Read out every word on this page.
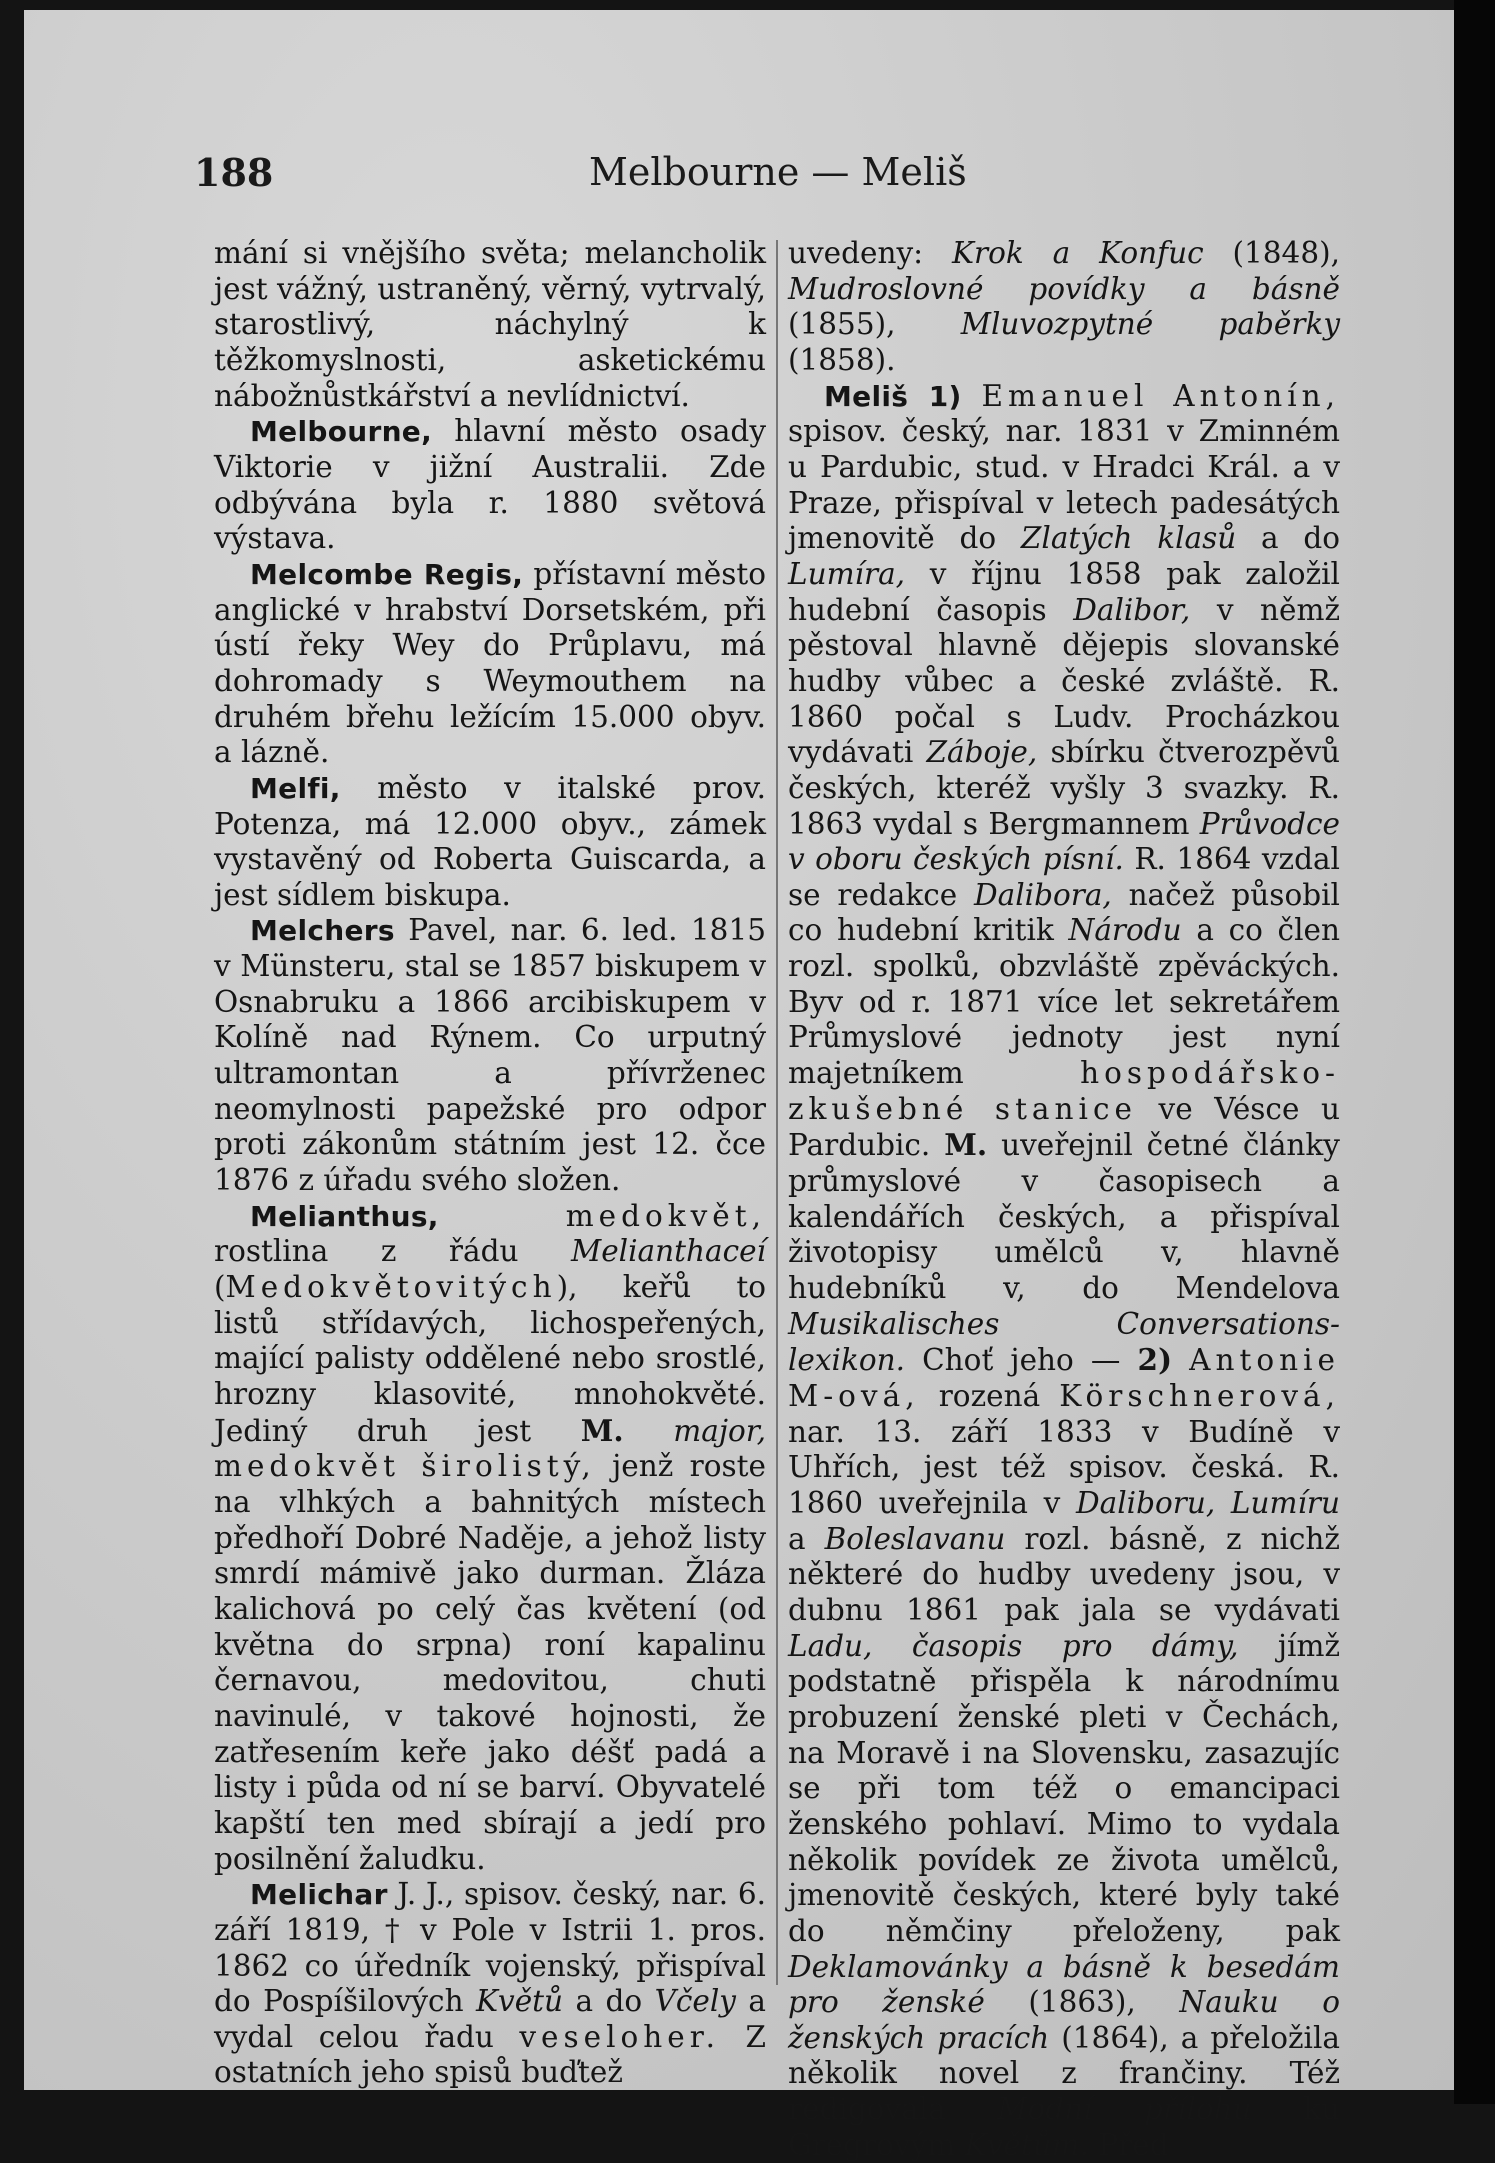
188	Melbourne — Mеliš

mání si vnějšího světa; melancholik jest vážný, ustraněný, věrný, vytrvalý, starostlivý, náchylný k těžkomyslnosti, asketickému nábožnůstkářství a nevlídnictví.

Melbourne, hlavní město osady Viktorie v jižní Australii. Zde odbývána byla r. 1880 světová výstava.

Melcombe Regis, přístavní město anglické v hrabství Dorsetském, při ústí řeky Wey do Průplavu, má dohromady s Weymouthem na druhém břehu ležícím 15.000 obyv. a lázně.

Melfi, město v italské prov. Potenza, má 12.000 obyv., zámek vystavěný od Roberta Guiscarda, a jest sídlem biskupa.

Melchers Pavel, nar. 6. led. 1815 v Münsteru, stal se 1857 biskupem v Osnabruku a 1866 arcibiskupem v Kolíně nad Rýnem. Co urputný ultramontan a přívrženec neomylnosti papežské pro odpor proti zákonům státním jest 12. čce 1876 z úřadu svého složen.

Melianthus,	medokvět, rostlina z řádu Melianthaceí (Medokvětovitých), keřů to listů střídavých, lichospeřených, mající palisty oddělené nebo srostlé, hrozny klasovité, mnohokvěté. Jediný druh jest M. major, medokvět širolistý, jenž roste na vlhkých a bahnitých místech předhoří Dobré Naděje, a jehož listy smrdí mámivě jako durman. Žláza kalichová po celý čas květení (od května do srpna) roní kapalinu černavou, medovitou, chuti navinulé, v takové hojnosti, že zatřesením keře jako déšť padá a listy i půda od ní se barví. Obyvatelé kapští ten med sbírají a jedí pro posilnění žaludku.

Melichar J. J., spisov. český, nar. 6. září 1819, † v Pole v Istrii 1. pros. 1862 co úředník vojenský, přispíval do Pospíšilových Květů a do Včely a vydal celou řadu veseloher. Z ostatních jeho spisů buďtež

uvedeny: Krok a Konfuc (1848), Mudroslovné povídky a básně (1855), Mluvozpytné paběrky (1858).

Meliš 1) Emanuel Antonín, spisov. český, nar. 1831 v Zminném u Pardubic, stud. v Hradci Král. a v Praze, přispíval v letech padesátých jmenovitě do Zlatých klasů a do Lumíra, v říjnu 1858 pak založil hudební časopis Dalibor, v němž pěstoval hlavně dějepis slovanské hudby vůbec a české zvláště. R. 1860 počal s Ludv. Procházkou vydávati Záboje, sbírku čtverozpěvů českých, kteréž vyšly 3 svazky. R. 1863 vydal s Bergmannem Průvodce v oboru českých písní. R. 1864 vzdal se redakce Dalibora, načež působil co hudební kritik Národu a co člen rozl. spolků, obzvláště zpěváckých. Byv od r. 1871 více let sekretářem Průmyslové jednoty jest nyní majetníkem	hospodářsko-zkušebné stanice ve Vésce u Pardubic. M. uveřejnil četné články průmyslové v časopisech a kalendářích českých, a přispíval životopisy umělců v, hlavně hudebníků v, do Mendelova Musikalisches Conversations-lexikon. Choť jeho — 2) Antonie M-ová, rozená Körschnerová, nar. 13. září 1833 v Budíně v Uhřích, jest též spisov. česká. R. 1860 uveřejnila v Daliboru, Lumíru a Boleslavanu rozl. básně, z nichž některé do hudby uvedeny jsou, v dubnu 1861 pak jala se vydávati Ladu, časopis pro dámy, jímž podstatně přispěla k národnímu probuzení ženské pleti v Čechách, na Moravě i na Slovensku, zasazujíc se při tom též o emancipaci ženského pohlaví. Mimo to vydala několik povídek ze života umělců, jmenovitě českých, které byly také do němčiny přeloženy, pak Deklamovánky a básně k besedám pro ženské (1863), Nauku o ženských pracích (1864), a přeložila několik novel z frančiny. Též redigovala Modní přílohu ku Gregrovým Květům. Před
